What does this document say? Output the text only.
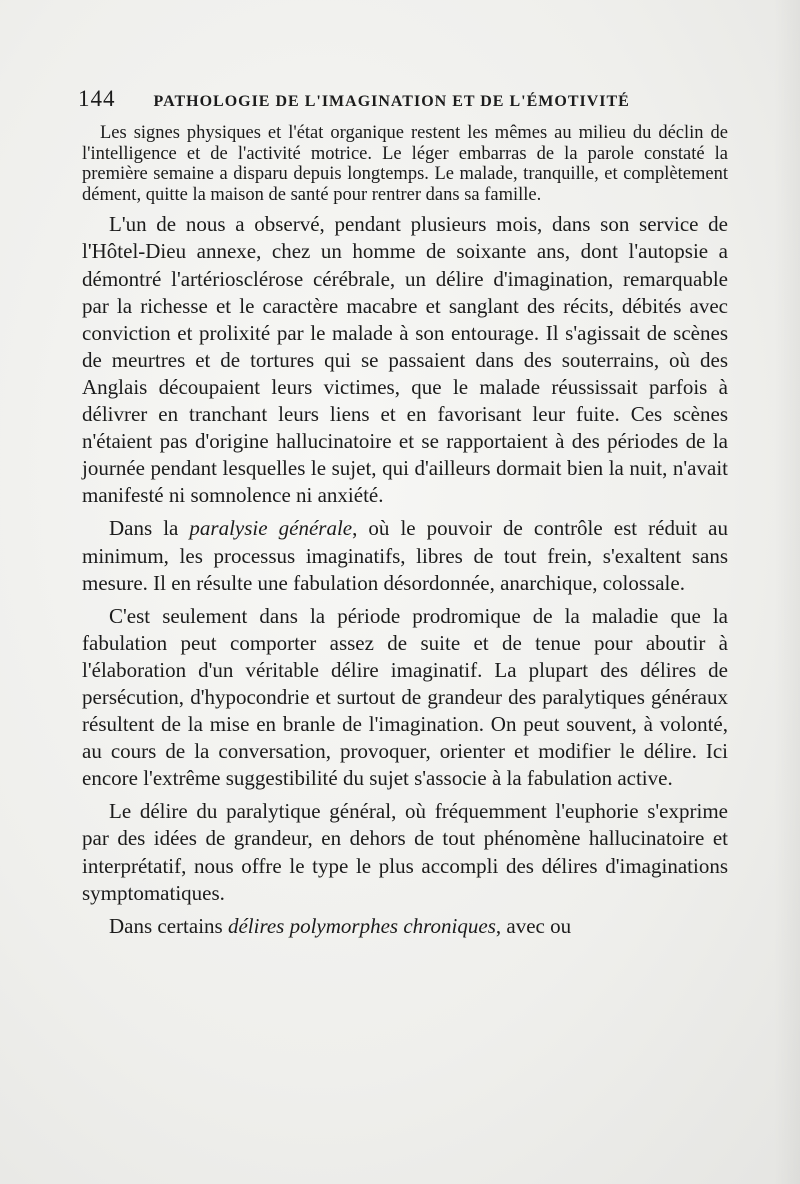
144 PATHOLOGIE DE L'IMAGINATION ET DE L'ÉMOTIVITÉ

Les signes physiques et l'état organique restent les mêmes au milieu du déclin de l'intelligence et de l'activité motrice. Le léger embarras de la parole constaté la première semaine a disparu depuis longtemps. Le malade, tranquille, et complètement dément, quitte la maison de santé pour rentrer dans sa famille.

L'un de nous a observé, pendant plusieurs mois, dans son service de l'Hôtel-Dieu annexe, chez un homme de soixante ans, dont l'autopsie a démontré l'artériosclérose cérébrale, un délire d'imagination, remarquable par la richesse et le caractère macabre et sanglant des récits, débités avec conviction et prolixité par le malade à son entourage. Il s'agissait de scènes de meurtres et de tortures qui se passaient dans des souterrains, où des Anglais découpaient leurs victimes, que le malade réussissait parfois à délivrer en tranchant leurs liens et en favorisant leur fuite. Ces scènes n'étaient pas d'origine hallucinatoire et se rapportaient à des périodes de la journée pendant lesquelles le sujet, qui d'ailleurs dormait bien la nuit, n'avait manifesté ni somnolence ni anxiété.

Dans la paralysie générale, où le pouvoir de contrôle est réduit au minimum, les processus imaginatifs, libres de tout frein, s'exaltent sans mesure. Il en résulte une fabulation désordonnée, anarchique, colossale.

C'est seulement dans la période prodromique de la maladie que la fabulation peut comporter assez de suite et de tenue pour aboutir à l'élaboration d'un véritable délire imaginatif. La plupart des délires de persécution, d'hypocondrie et surtout de grandeur des paralytiques généraux résultent de la mise en branle de l'imagination. On peut souvent, à volonté, au cours de la conversation, provoquer, orienter et modifier le délire. Ici encore l'extrême suggestibilité du sujet s'associe à la fabulation active.

Le délire du paralytique général, où fréquemment l'euphorie s'exprime par des idées de grandeur, en dehors de tout phénomène hallucinatoire et interprétatif, nous offre le type le plus accompli des délires d'imaginations symptomatiques.

Dans certains délires polymorphes chroniques, avec ou
